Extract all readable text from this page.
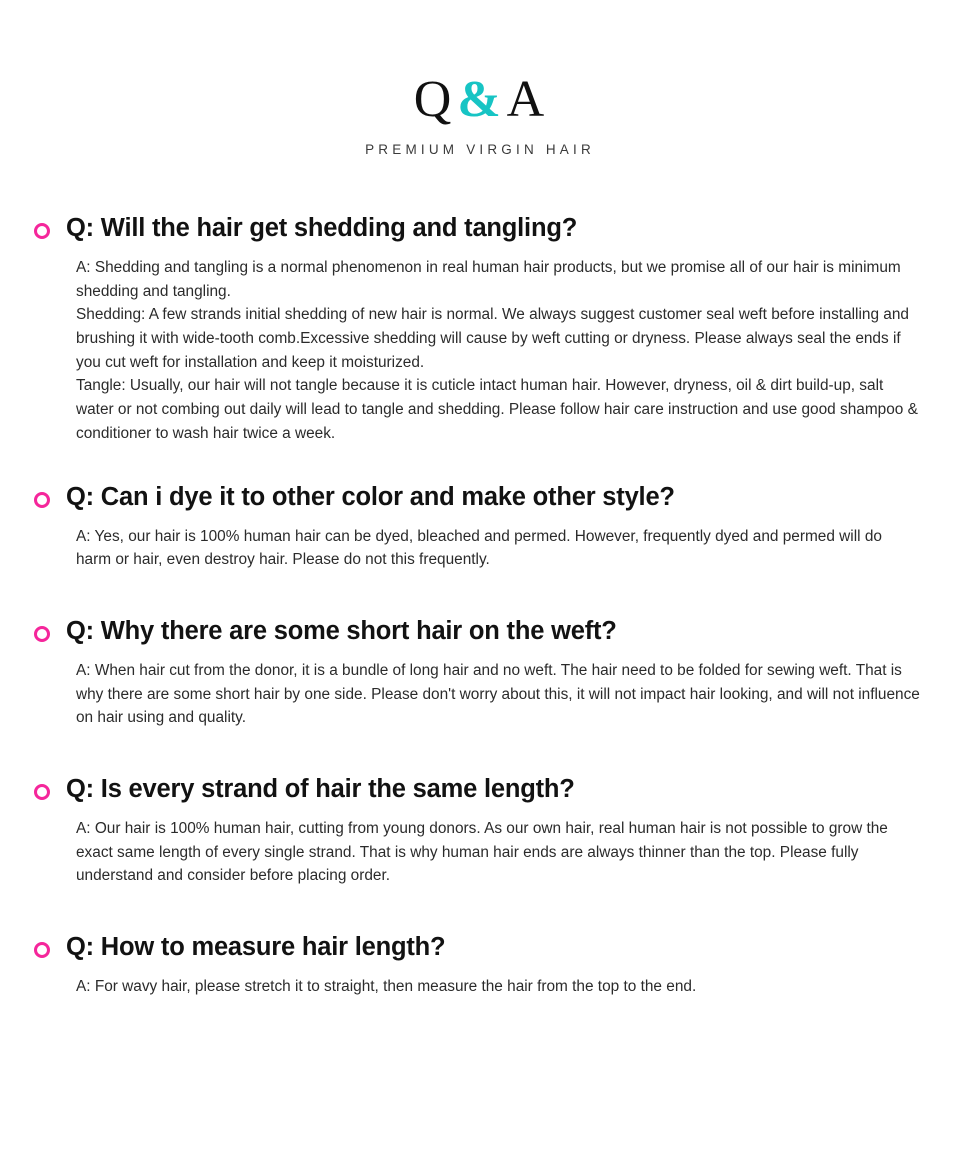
Q&A
PREMIUM VIRGIN HAIR
Q: Will the hair get shedding and tangling?

A: Shedding and tangling is a normal phenomenon in real human hair products, but we promise all of our hair is minimum shedding and tangling.

Shedding: A few strands initial shedding of new hair is normal. We always suggest customer seal weft before installing and brushing it with wide-tooth comb.Excessive shedding will cause by weft cutting or dryness. Please always seal the ends if you cut weft for installation and keep it moisturized.

Tangle: Usually, our hair will not tangle because it is cuticle intact human hair. However, dryness, oil & dirt build-up, salt water or not combing out daily will lead to tangle and shedding. Please follow hair care instruction and use good shampoo & conditioner to wash hair twice a week.

Q: Can i dye it to other color and make other style?

A: Yes, our hair is 100% human hair can be dyed, bleached and permed. However, frequently dyed and permed will do harm or hair, even destroy hair. Please do not this frequently.

Q: Why there are some short hair on the weft?

A: When hair cut from the donor, it is a bundle of long hair and no weft. The hair need to be folded for sewing weft. That is why there are some short hair by one side. Please don't worry about this, it will not impact hair looking, and will not influence on hair using and quality.

Q: Is every strand of hair the same length?

A: Our hair is 100% human hair, cutting from young donors. As our own hair, real human hair is not possible to grow the exact same length of every single strand. That is why human hair ends are always thinner than the top. Please fully understand and consider before placing order.

Q: How to measure hair length?

A: For wavy hair, please stretch it to straight, then measure the hair from the top to the end.
